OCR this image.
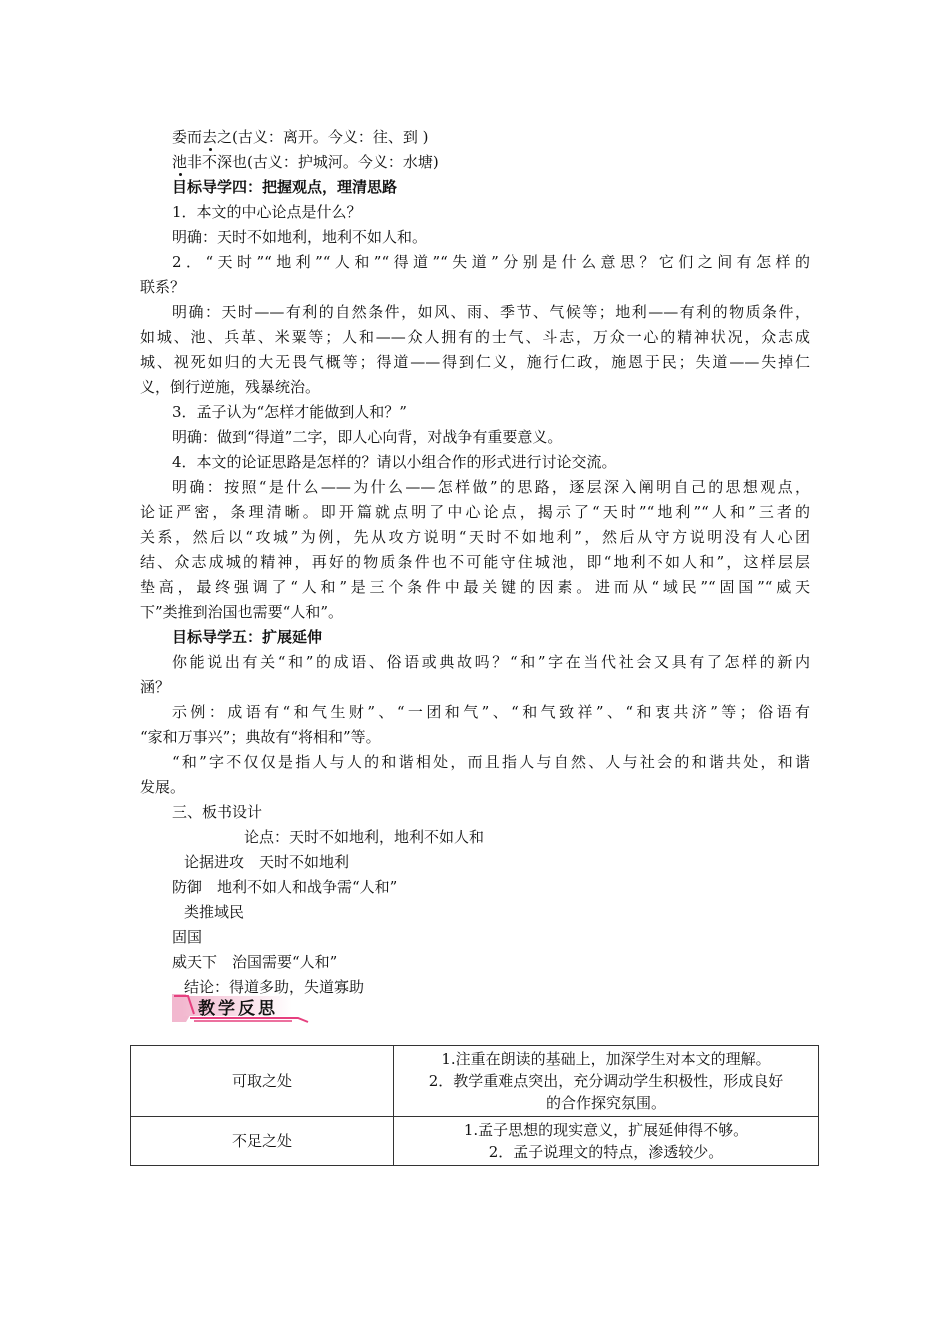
委而去之(古义：离开。今义：往、到 )
池非不深也(古义：护城河。今义：水塘)
目标导学四：把握观点，理清思路
1．本文的中心论点是什么？
明确：天时不如地利，地利不如人和。
2．“天时”“地利”“人和”“得道”“失道”分别是什么意思？它们之间有怎样的
联系？
明确：天时——有利的自然条件，如风、雨、季节、气候等；地利——有利的物质条件，
如城、池、兵革、米粟等；人和——众人拥有的士气、斗志，万众一心的精神状况，众志成
城、视死如归的大无畏气概等；得道——得到仁义，施行仁政，施恩于民；失道——失掉仁
义，倒行逆施，残暴统治。
3．孟子认为“怎样才能做到人和？”
明确：做到“得道”二字，即人心向背，对战争有重要意义。
4．本文的论证思路是怎样的？请以小组合作的形式进行讨论交流。
明确：按照“是什么——为什么——怎样做”的思路，逐层深入阐明自己的思想观点，
论证严密，条理清晰。即开篇就点明了中心论点，揭示了“天时”“地利”“人和”三者的
关系，然后以“攻城”为例，先从攻方说明“天时不如地利”，然后从守方说明没有人心团
结、众志成城的精神，再好的物质条件也不可能守住城池，即“地利不如人和”，这样层层
垫高，最终强调了“人和”是三个条件中最关键的因素。进而从“域民”“固国”“威天
下”类推到治国也需要“人和”。
目标导学五：扩展延伸
你能说出有关“和”的成语、俗语或典故吗？“和”字在当代社会又具有了怎样的新内
涵？
示例：成语有“和气生财”、“一团和气”、“和气致祥”、“和衷共济”等；俗语有
“家和万事兴”；典故有“将相和”等。
“和”字不仅仅是指人与人的和谐相处，而且指人与自然、人与社会的和谐共处，和谐
发展。
三、板书设计
论点：天时不如地利，地利不如人和
论据进攻　天时不如地利
防御　地利不如人和战争需“人和”
类推域民
固国
威天下　治国需要“人和”
结论：得道多助，失道寡助
教学反思
可取之处	1.注重在朗读的基础上，加深学生对本文的理解。
2．教学重难点突出，充分调动学生积极性，形成良好
的合作探究氛围。

不足之处	1.孟子思想的现实意义，扩展延伸得不够。
2．孟子说理文的特点，渗透较少。
